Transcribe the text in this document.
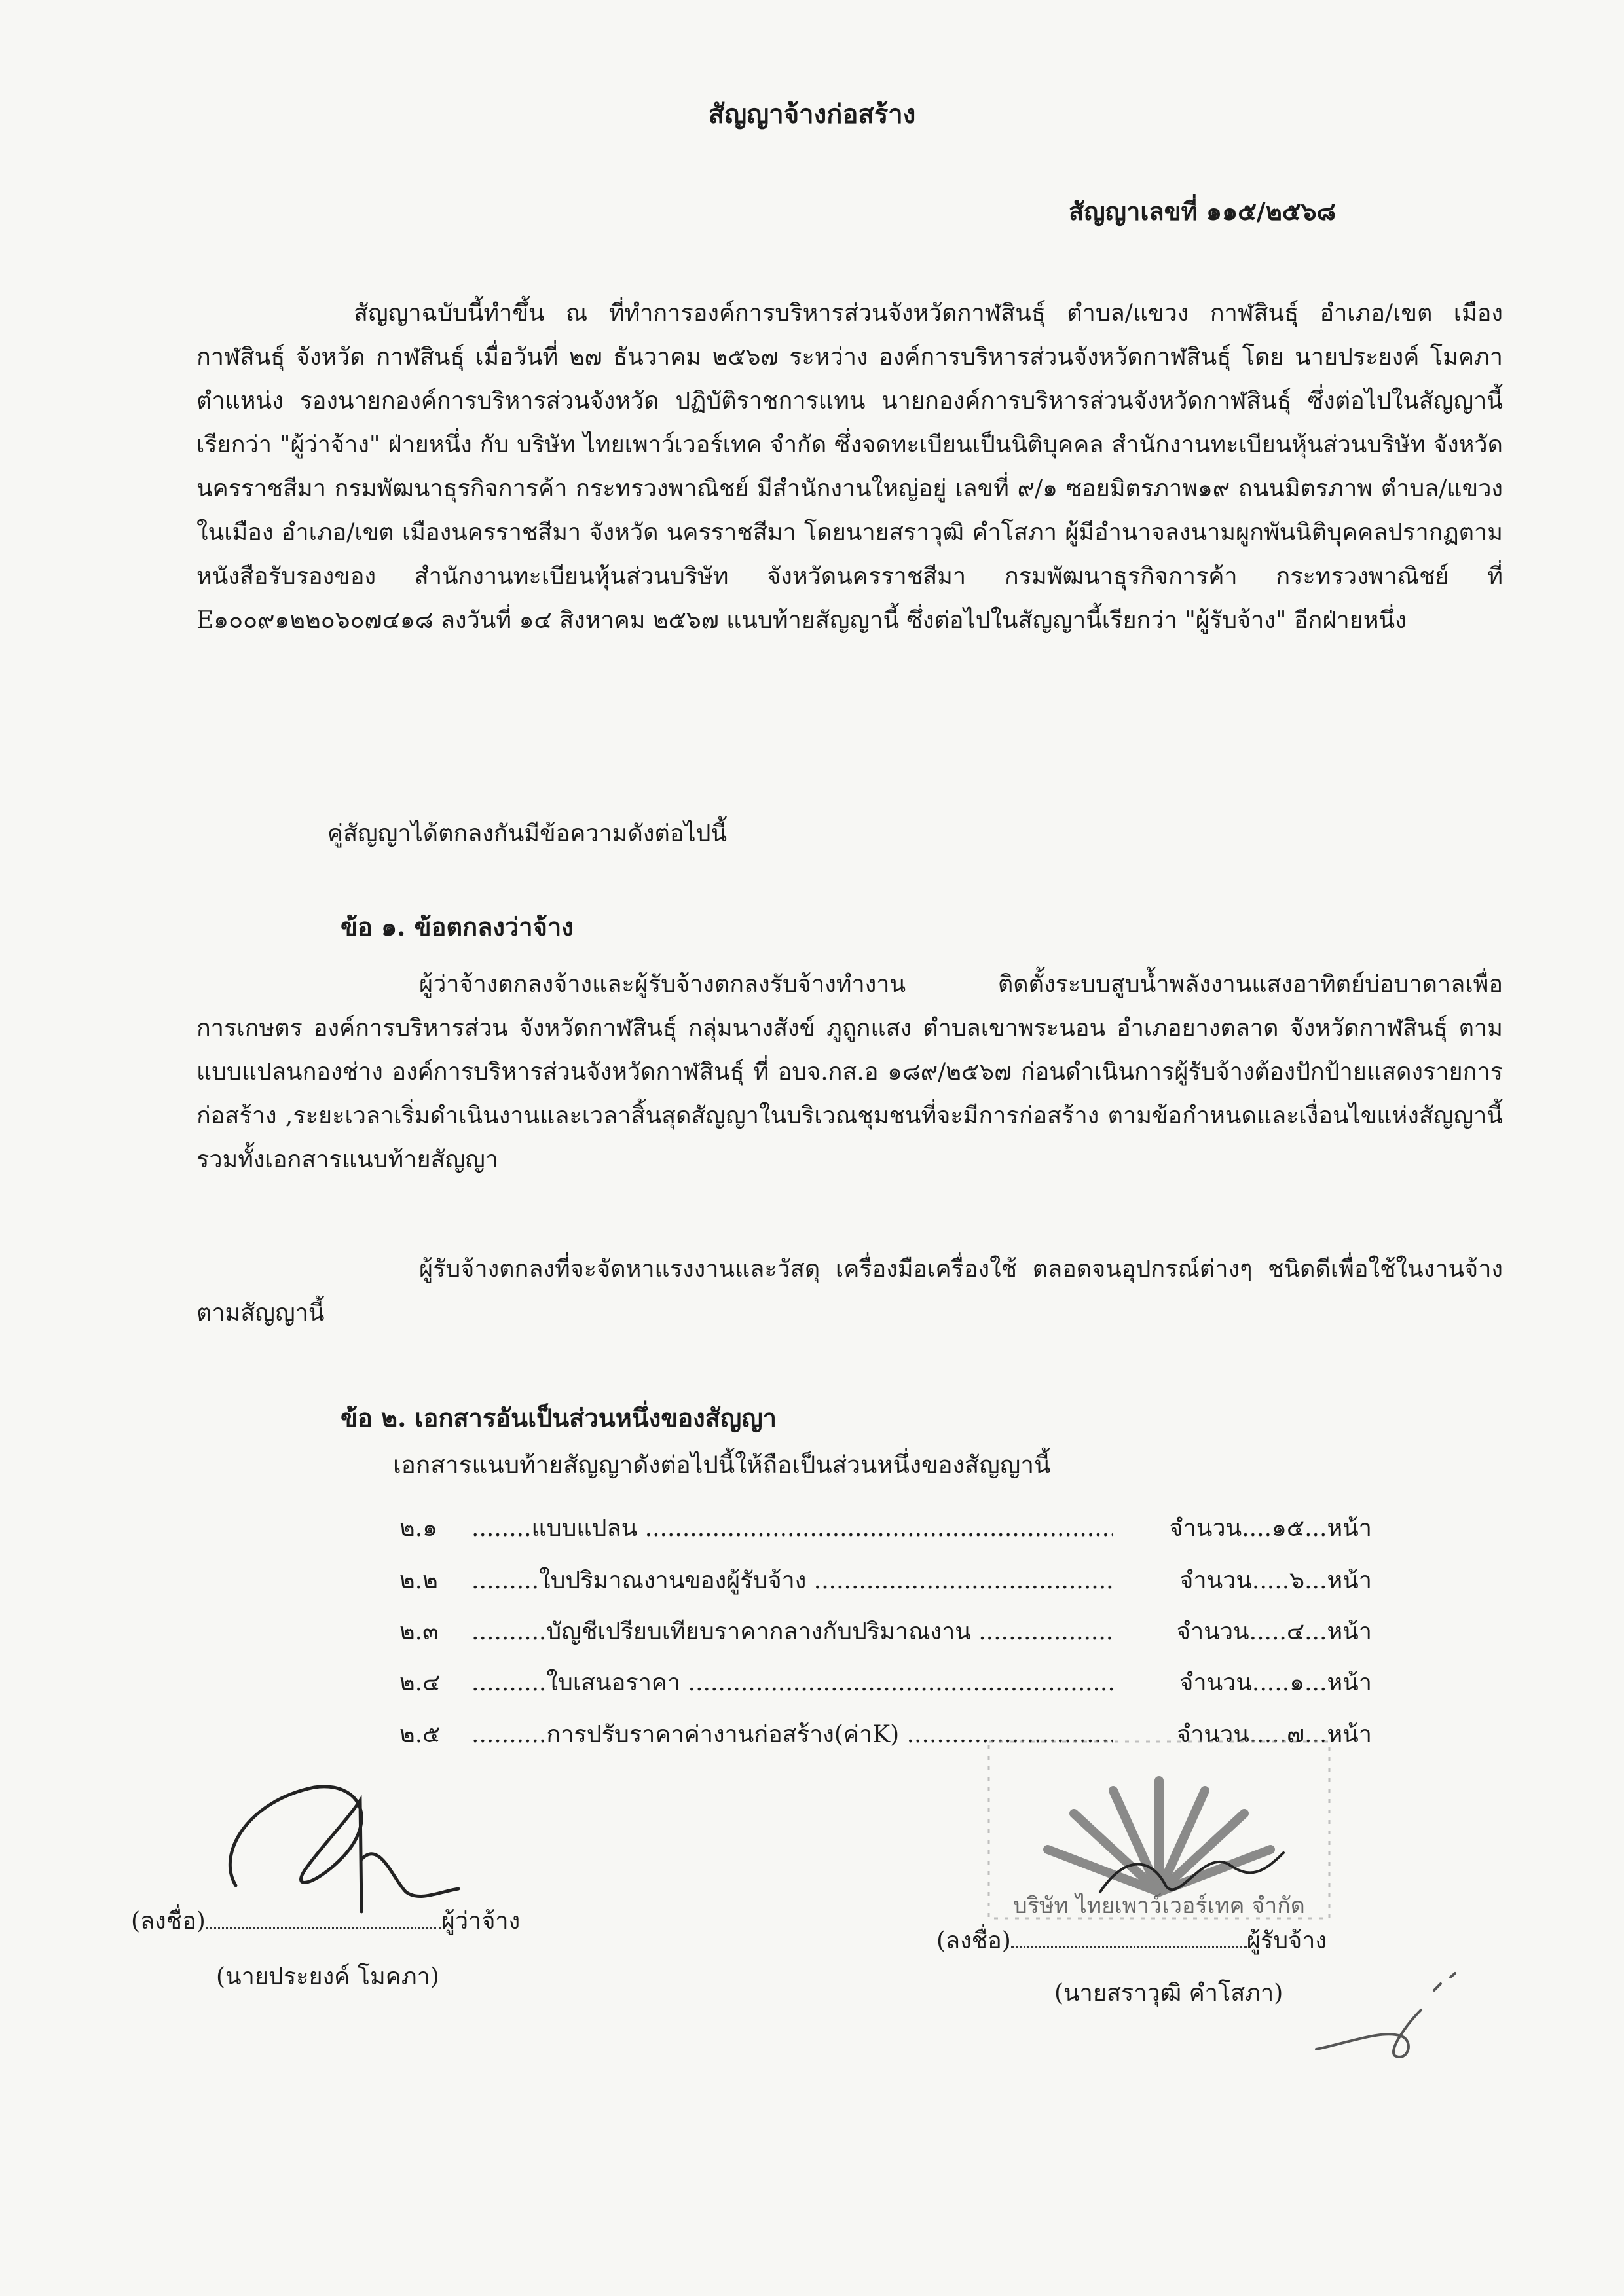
สัญญาจ้างก่อสร้าง
สัญญาเลขที่ ๑๑๕/๒๕๖๘
สัญญาฉบับนี้ทำขึ้น ณ ที่ทำการองค์การบริหารส่วนจังหวัดกาฬสินธุ์ ตำบล/แขวง กาฬสินธุ์ อำเภอ/เขต เมืองกาฬสินธุ์ จังหวัด กาฬสินธุ์ เมื่อวันที่ ๒๗ ธันวาคม ๒๕๖๗ ระหว่าง องค์การบริหารส่วนจังหวัดกาฬสินธุ์ โดย นายประยงค์ โมคภา ตำแหน่ง รองนายกองค์การบริหารส่วนจังหวัด ปฏิบัติราชการแทน นายกองค์การบริหารส่วนจังหวัดกาฬสินธุ์ ซึ่งต่อไปในสัญญานี้เรียกว่า "ผู้ว่าจ้าง" ฝ่ายหนึ่ง กับ บริษัท ไทยเพาว์เวอร์เทค จำกัด ซึ่งจดทะเบียนเป็นนิติบุคคล สำนักงานทะเบียนหุ้นส่วนบริษัท จังหวัดนครราชสีมา กรมพัฒนาธุรกิจการค้า กระทรวงพาณิชย์ มีสำนักงานใหญ่อยู่ เลขที่ ๙/๑ ซอยมิตรภาพ๑๙ ถนนมิตรภาพ ตำบล/แขวง ในเมือง อำเภอ/เขต เมืองนครราชสีมา จังหวัด นครราชสีมา โดยนายสราวุฒิ คำโสภา ผู้มีอำนาจลงนามผูกพันนิติบุคคลปรากฏตามหนังสือรับรองของ สำนักงานทะเบียนหุ้นส่วนบริษัท จังหวัดนครราชสีมา กรมพัฒนาธุรกิจการค้า กระทรวงพาณิชย์ ที่ E๑๐๐๙๑๒๒๐๖๐๗๔๑๘ ลงวันที่ ๑๔ สิงหาคม ๒๕๖๗ แนบท้ายสัญญานี้ ซึ่งต่อไปในสัญญานี้เรียกว่า "ผู้รับจ้าง" อีกฝ่ายหนึ่ง
คู่สัญญาได้ตกลงกันมีข้อความดังต่อไปนี้
ข้อ ๑. ข้อตกลงว่าจ้าง
ผู้ว่าจ้างตกลงจ้างและผู้รับจ้างตกลงรับจ้างทำงาน ติดตั้งระบบสูบน้ำพลังงานแสงอาทิตย์บ่อบาดาลเพื่อการเกษตร องค์การบริหารส่วน จังหวัดกาฬสินธุ์ กลุ่มนางสังข์ ภูถูกแสง ตำบลเขาพระนอน อำเภอยางตลาด จังหวัดกาฬสินธุ์ ตามแบบแปลนกองช่าง องค์การบริหารส่วนจังหวัดกาฬสินธุ์ ที่ อบจ.กส.อ ๑๘๙/๒๕๖๗ ก่อนดำเนินการผู้รับจ้างต้องปักป้ายแสดงรายการก่อสร้าง ,ระยะเวลาเริ่มดำเนินงานและเวลาสิ้นสุดสัญญาในบริเวณชุมชนที่จะมีการก่อสร้าง ตามข้อกำหนดและเงื่อนไขแห่งสัญญานี้รวมทั้งเอกสารแนบท้ายสัญญา
ผู้รับจ้างตกลงที่จะจัดหาแรงงานและวัสดุ เครื่องมือเครื่องใช้ ตลอดจนอุปกรณ์ต่างๆ ชนิดดีเพื่อใช้ในงานจ้างตามสัญญานี้
ข้อ ๒. เอกสารอันเป็นส่วนหนึ่งของสัญญา
เอกสารแนบท้ายสัญญาดังต่อไปนี้ให้ถือเป็นส่วนหนึ่งของสัญญานี้
๒.๑ ........แบบแปลน .....	จำนวน....๑๕...หน้า
๒.๒ .........ใบปริมาณงานของผู้รับจ้าง .....	จำนวน.....๖...หน้า
๒.๓ ..........บัญชีเปรียบเทียบราคากลางกับปริมาณงาน .....	จำนวน.....๔...หน้า
๒.๔ ..........ใบเสนอราคา .....	จำนวน.....๑...หน้า
๒.๕ ..........การปรับราคาค่างานก่อสร้าง(ค่าK) .....	จำนวน.....๗...หน้า
(ลงชื่อ)	ผู้ว่าจ้าง
(นายประยงค์ โมคภา)
บริษัท ไทยเพาว์เวอร์เทค จำกัด
(ลงชื่อ)	ผู้รับจ้าง
(นายสราวุฒิ คำโสภา)
